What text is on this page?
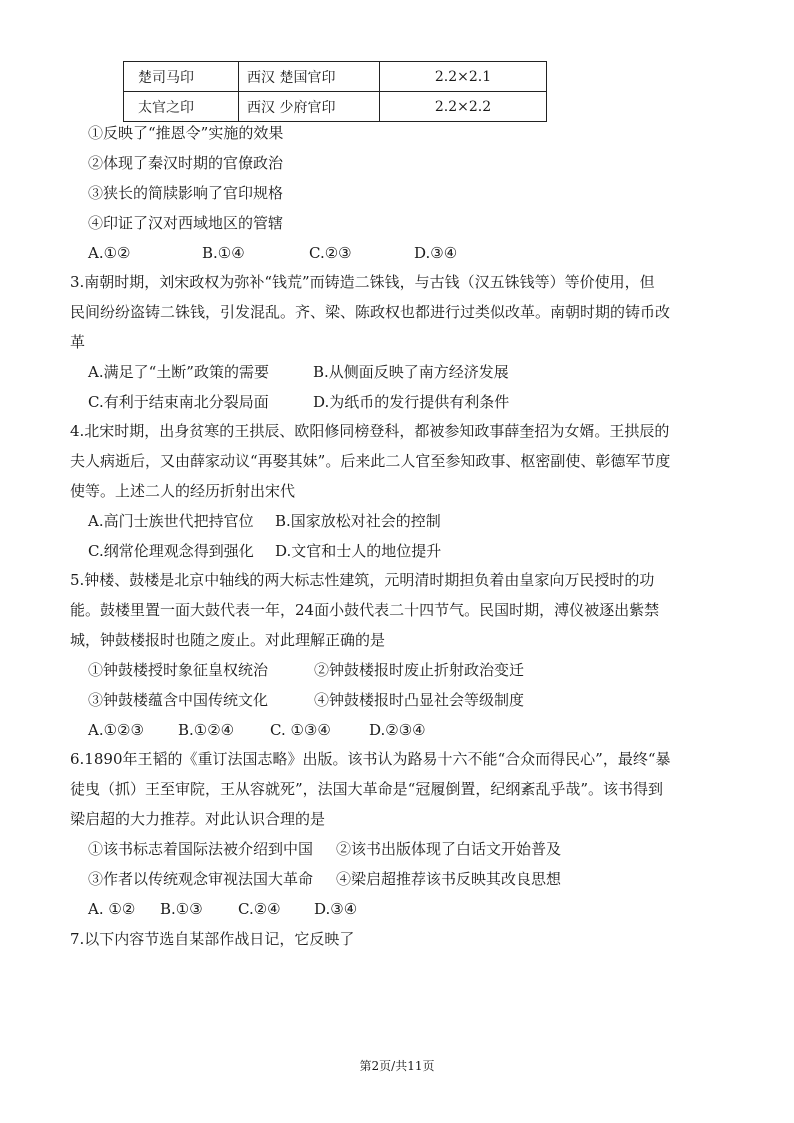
楚司马印	西汉 楚国官印	2.2×2.1
太官之印	西汉 少府官印	2.2×2.2
①反映了“推恩令”实施的效果
②体现了秦汉时期的官僚政治
③狭长的简牍影响了官印规格
④印证了汉对西域地区的管辖
A.①②	B.①④	C.②③	D.③④
3.南朝时期，刘宋政权为弥补“钱荒”而铸造二铢钱，与古钱（汉五铢钱等）等价使用，但
民间纷纷盗铸二铢钱，引发混乱。齐、梁、陈政权也都进行过类似改革。南朝时期的铸币改
革
A.满足了“土断”政策的需要	B.从侧面反映了南方经济发展
C.有利于结束南北分裂局面	D.为纸币的发行提供有利条件
4.北宋时期，出身贫寒的王拱辰、欧阳修同榜登科，都被参知政事薛奎招为女婿。王拱辰的
夫人病逝后，又由薛家动议“再娶其妹”。后来此二人官至参知政事、枢密副使、彰德军节度
使等。上述二人的经历折射出宋代
A.高门士族世代把持官位 B.国家放松对社会的控制
C.纲常伦理观念得到强化 D.文官和士人的地位提升
5.钟楼、鼓楼是北京中轴线的两大标志性建筑，元明清时期担负着由皇家向万民授时的功
能。鼓楼里置一面大鼓代表一年，24面小鼓代表二十四节气。民国时期，溥仪被逐出紫禁
城，钟鼓楼报时也随之废止。对此理解正确的是
①钟鼓楼授时象征皇权统治	②钟鼓楼报时废止折射政治变迁
③钟鼓楼蕴含中国传统文化	④钟鼓楼报时凸显社会等级制度
A.①②③ B.①②④ C. ①③④	D.②③④
6.1890年王韬的《重订法国志略》出版。该书认为路易十六不能“合众而得民心”，最终“暴
徒曳（抓）王至审院，王从容就死”，法国大革命是“冠履倒置，纪纲紊乱乎哉”。该书得到
梁启超的大力推荐。对此认识合理的是
①该书标志着国际法被介绍到中国 ②该书出版体现了白话文开始普及
③作者以传统观念审视法国大革命 ④梁启超推荐该书反映其改良思想
A. ①② B.①③ C.②④ D.③④
7.以下内容节选自某部作战日记，它反映了
第2页/共11页
